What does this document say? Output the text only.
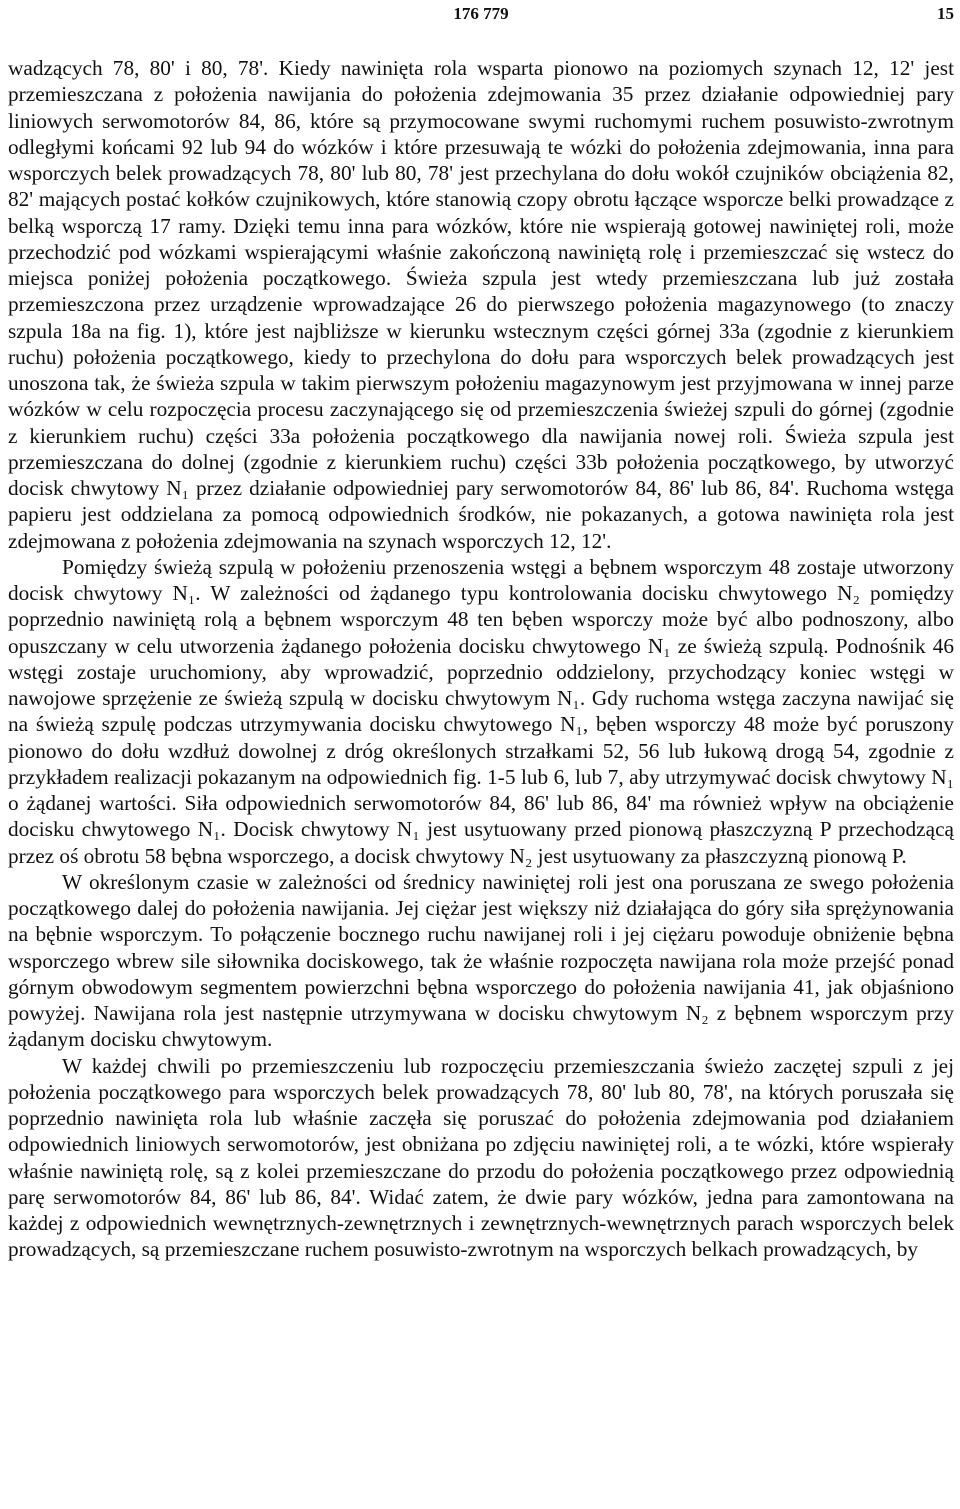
176 779	15

wadzących 78, 80' i 80, 78'. Kiedy nawinięta rola wsparta pionowo na poziomych szynach 12, 12' jest przemieszczana z położenia nawijania do położenia zdejmowania 35 przez działanie odpowiedniej pary liniowych serwomotorów 84, 86, które są przymocowane swymi ruchomymi ruchem posuwisto-zwrotnym odległymi końcami 92 lub 94 do wózków i które przesuwają te wózki do położenia zdejmowania, inna para wsporczych belek prowadzących 78, 80' lub 80, 78' jest przechylana do dołu wokół czujników obciążenia 82, 82' mających postać kołków czujnikowych, które stanowią czopy obrotu łączące wsporcze belki prowadzące z belką wsporczą 17 ramy. Dzięki temu inna para wózków, które nie wspierają gotowej nawiniętej roli, może przechodzić pod wózkami wspierającymi właśnie zakończoną nawiniętą rolę i przemieszczać się wstecz do miejsca poniżej położenia początkowego. Świeża szpula jest wtedy przemieszczana lub już została przemieszczona przez urządzenie wprowadzające 26 do pierwszego położenia magazynowego (to znaczy szpula 18a na fig. 1), które jest najbliższe w kierunku wstecznym części górnej 33a (zgodnie z kierunkiem ruchu) położenia początkowego, kiedy to przechylona do dołu para wsporczych belek prowadzących jest unoszona tak, że świeża szpula w takim pierwszym położeniu magazynowym jest przyjmowana w innej parze wózków w celu rozpoczęcia procesu zaczynającego się od przemieszczenia świeżej szpuli do górnej (zgodnie z kierunkiem ruchu) części 33a położenia początkowego dla nawijania nowej roli. Świeża szpula jest przemieszczana do dolnej (zgodnie z kierunkiem ruchu) części 33b położenia początkowego, by utworzyć docisk chwytowy N₁ przez działanie odpowiedniej pary serwomotorów 84, 86' lub 86, 84'. Ruchoma wstęga papieru jest oddzielana za pomocą odpowiednich środków, nie pokazanych, a gotowa nawinięta rola jest zdejmowana z położenia zdejmowania na szynach wsporczych 12, 12'.

Pomiędzy świeżą szpulą w położeniu przenoszenia wstęgi a bębnem wsporczym 48 zostaje utworzony docisk chwytowy N₁. W zależności od żądanego typu kontrolowania docisku chwytowego N₂ pomiędzy poprzednio nawiniętą rolą a bębnem wsporczym 48 ten bęben wsporczy może być albo podnoszony, albo opuszczany w celu utworzenia żądanego położenia docisku chwytowego N₁ ze świeżą szpulą. Podnośnik 46 wstęgi zostaje uruchomiony, aby wprowadzić, poprzednio oddzielony, przychodzący koniec wstęgi w nawojowe sprzężenie ze świeżą szpulą w docisku chwytowym N₁. Gdy ruchoma wstęga zaczyna nawijać się na świeżą szpulę podczas utrzymywania docisku chwytowego N₁, bęben wsporczy 48 może być poruszony pionowo do dołu wzdłuż dowolnej z dróg określonych strzałkami 52, 56 lub łukową drogą 54, zgodnie z przykładem realizacji pokazanym na odpowiednich fig. 1-5 lub 6, lub 7, aby utrzymywać docisk chwytowy N₁ o żądanej wartości. Siła odpowiednich serwomotorów 84, 86' lub 86, 84' ma również wpływ na obciążenie docisku chwytowego N₁. Docisk chwytowy N₁ jest usytuowany przed pionową płaszczyzną P przechodzącą przez oś obrotu 58 bębna wsporczego, a docisk chwytowy N₂ jest usytuowany za płaszczyzną pionową P.

W określonym czasie w zależności od średnicy nawiniętej roli jest ona poruszana ze swego położenia początkowego dalej do położenia nawijania. Jej ciężar jest większy niż działająca do góry siła sprężynowania na bębnie wsporczym. To połączenie bocznego ruchu nawijanej roli i jej ciężaru powoduje obniżenie bębna wsporczego wbrew sile siłownika dociskowego, tak że właśnie rozpoczęta nawijana rola może przejść ponad górnym obwodowym segmentem powierzchni bębna wsporczego do położenia nawijania 41, jak objaśniono powyżej. Nawijana rola jest następnie utrzymywana w docisku chwytowym N₂ z bębnem wsporczym przy żądanym docisku chwytowym.

W każdej chwili po przemieszczeniu lub rozpoczęciu przemieszczania świeżo zaczętej szpuli z jej położenia początkowego para wsporczych belek prowadzących 78, 80' lub 80, 78', na których poruszała się poprzednio nawinięta rola lub właśnie zaczęła się poruszać do położenia zdejmowania pod działaniem odpowiednich liniowych serwomotorów, jest obniżana po zdjęciu nawiniętej roli, a te wózki, które wspierały właśnie nawiniętą rolę, są z kolei przemieszczane do przodu do położenia początkowego przez odpowiednią parę serwomotorów 84, 86' lub 86, 84'. Widać zatem, że dwie pary wózków, jedna para zamontowana na każdej z odpowiednich wewnętrznych-zewnętrznych i zewnętrznych-wewnętrznych parach wsporczych belek prowadzących, są przemieszczane ruchem posuwisto-zwrotnym na wsporczych belkach prowadzących, by
